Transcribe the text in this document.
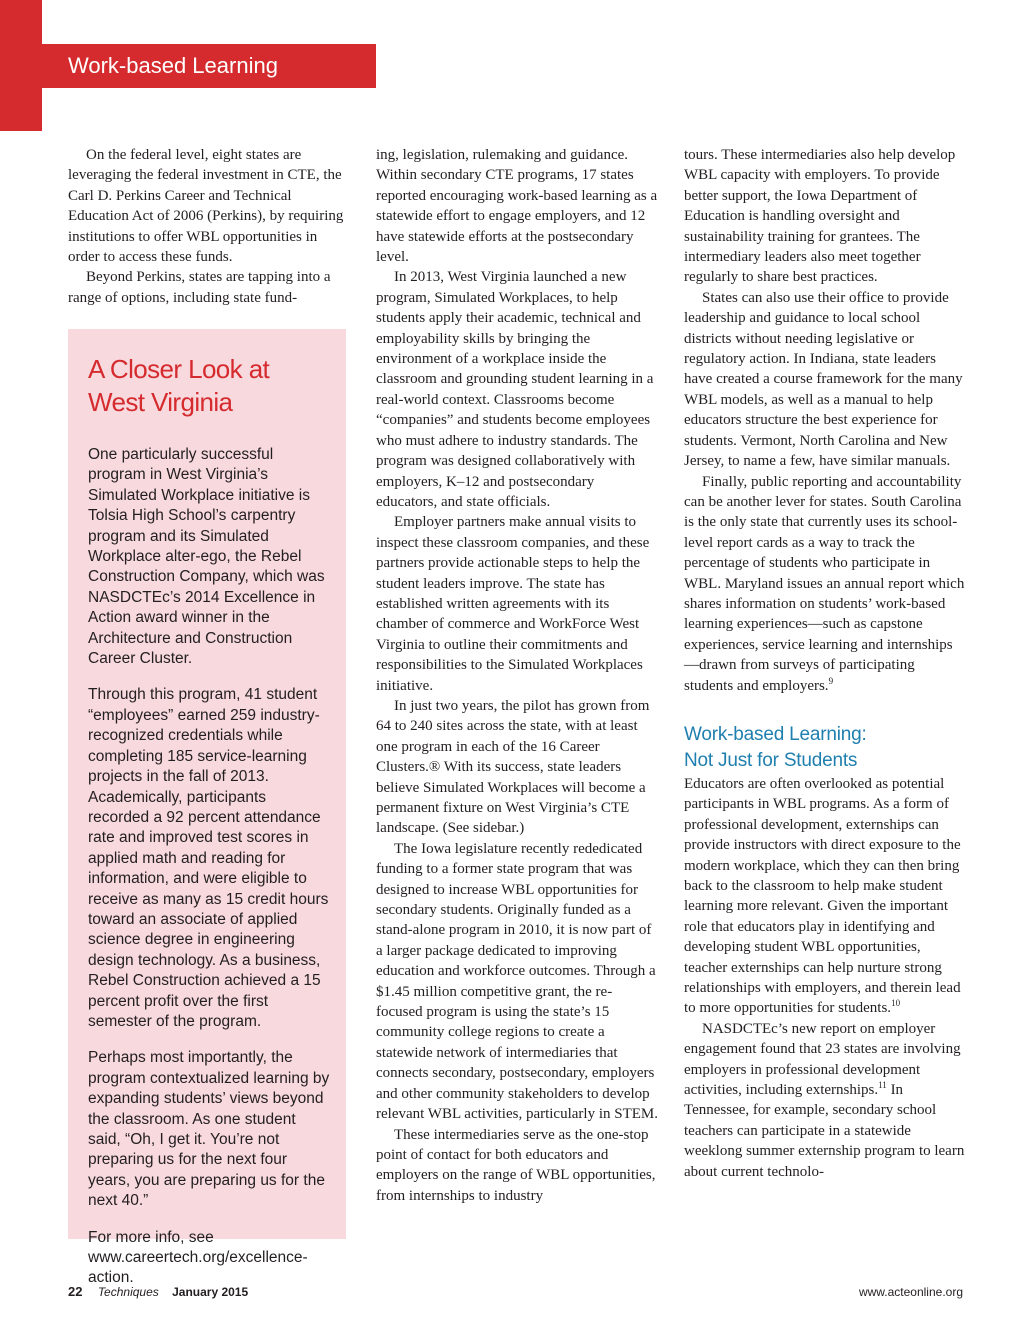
Work-based Learning

On the federal level, eight states are leveraging the federal investment in CTE, the Carl D. Perkins Career and Technical Education Act of 2006 (Perkins), by requiring institutions to offer WBL opportunities in order to access these funds.

Beyond Perkins, states are tapping into a range of options, including state fund-

A Closer Look at West Virginia

One particularly successful program in West Virginia’s Simulated Workplace initiative is Tolsia High School’s carpentry program and its Simulated Workplace alter-ego, the Rebel Construction Company, which was NASDCTEc’s 2014 Excellence in Action award winner in the Architecture and Construction Career Cluster.

Through this program, 41 student “employees” earned 259 industry-recognized credentials while completing 185 service-learning projects in the fall of 2013. Academically, participants recorded a 92 percent attendance rate and improved test scores in applied math and reading for information, and were eligible to receive as many as 15 credit hours toward an associate of applied science degree in engineering design technology. As a business, Rebel Construction achieved a 15 percent profit over the first semester of the program.

Perhaps most importantly, the program contextualized learning by expanding students’ views beyond the classroom. As one student said, “Oh, I get it. You’re not preparing us for the next four years, you are preparing us for the next 40.”

For more info, see www.careertech.org/excellence-action.

ing, legislation, rulemaking and guidance. Within secondary CTE programs, 17 states reported encouraging work-based learning as a statewide effort to engage employers, and 12 have statewide efforts at the postsecondary level.

In 2013, West Virginia launched a new program, Simulated Workplaces, to help students apply their academic, technical and employability skills by bringing the environment of a workplace inside the classroom and grounding student learning in a real-world context. Classrooms become “companies” and students become employees who must adhere to industry standards. The program was designed collaboratively with employers, K–12 and postsecondary educators, and state officials.

Employer partners make annual visits to inspect these classroom companies, and these partners provide actionable steps to help the student leaders improve. The state has established written agreements with its chamber of commerce and WorkForce West Virginia to outline their commitments and responsibilities to the Simulated Workplaces initiative.

In just two years, the pilot has grown from 64 to 240 sites across the state, with at least one program in each of the 16 Career Clusters.® With its success, state leaders believe Simulated Workplaces will become a permanent fixture on West Virginia’s CTE landscape. (See sidebar.)

The Iowa legislature recently rededicated funding to a former state program that was designed to increase WBL opportunities for secondary students. Originally funded as a stand-alone program in 2010, it is now part of a larger package dedicated to improving education and workforce outcomes. Through a $1.45 million competitive grant, the re-focused program is using the state’s 15 community college regions to create a statewide network of intermediaries that connects secondary, postsecondary, employers and other community stakeholders to develop relevant WBL activities, particularly in STEM.

These intermediaries serve as the one-stop point of contact for both educators and employers on the range of WBL opportunities, from internships to industry

tours. These intermediaries also help develop WBL capacity with employers. To provide better support, the Iowa Department of Education is handling oversight and sustainability training for grantees. The intermediary leaders also meet together regularly to share best practices.

States can also use their office to provide leadership and guidance to local school districts without needing legislative or regulatory action. In Indiana, state leaders have created a course framework for the many WBL models, as well as a manual to help educators structure the best experience for students. Vermont, North Carolina and New Jersey, to name a few, have similar manuals.

Finally, public reporting and accountability can be another lever for states. South Carolina is the only state that currently uses its school-level report cards as a way to track the percentage of students who participate in WBL. Maryland issues an annual report which shares information on students’ work-based learning experiences—such as capstone experiences, service learning and internships—drawn from surveys of participating students and employers.$^9$

Work-based Learning:
Not Just for Students

Educators are often overlooked as potential participants in WBL programs. As a form of professional development, externships can provide instructors with direct exposure to the modern workplace, which they can then bring back to the classroom to help make student learning more relevant. Given the important role that educators play in identifying and developing student WBL opportunities, teacher externships can help nurture strong relationships with employers, and therein lead to more opportunities for students.$^{10}$

NASDCTEc’s new report on employer engagement found that 23 states are involving employers in professional development activities, including externships.$^{11}$ In Tennessee, for example, secondary school teachers can participate in a statewide weeklong summer externship program to learn about current technolo-

22 Techniques January 2015	www.acteonline.org
